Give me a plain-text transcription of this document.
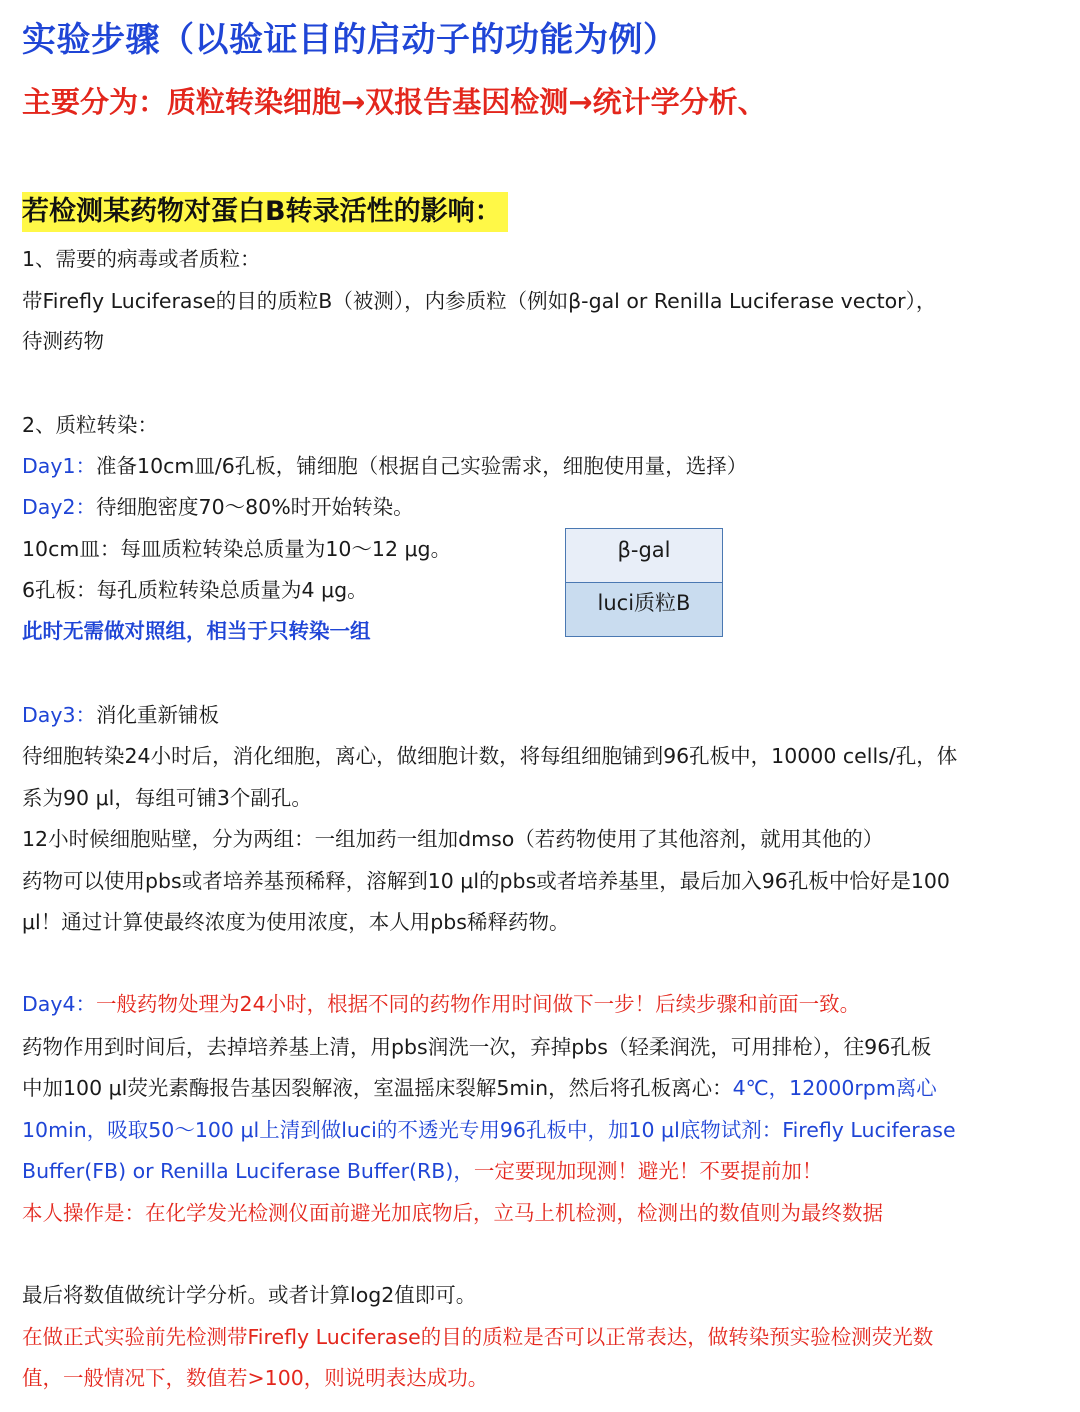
实验步骤（以验证目的启动子的功能为例）
主要分为：质粒转染细胞→双报告基因检测→统计学分析、
若检测某药物对蛋白B转录活性的影响：
1、需要的病毒或者质粒：
带Firefly Luciferase的目的质粒B（被测），内参质粒（例如β-gal or Renilla Luciferase vector），
待测药物
2、质粒转染：
Day1：准备10cm皿/6孔板，铺细胞（根据自己实验需求，细胞使用量，选择）
Day2：待细胞密度70～80%时开始转染。
10cm皿：每皿质粒转染总质量为10～12 μg。
6孔板：每孔质粒转染总质量为4 μg。
此时无需做对照组，相当于只转染一组
Day3：消化重新铺板
待细胞转染24小时后，消化细胞，离心，做细胞计数，将每组细胞铺到96孔板中，10000 cells/孔，体
系为90 μl，每组可铺3个副孔。
12小时候细胞贴壁，分为两组：一组加药一组加dmso（若药物使用了其他溶剂，就用其他的）
药物可以使用pbs或者培养基预稀释，溶解到10 μl的pbs或者培养基里，最后加入96孔板中恰好是100
μl！通过计算使最终浓度为使用浓度，本人用pbs稀释药物。
Day4：一般药物处理为24小时，根据不同的药物作用时间做下一步！后续步骤和前面一致。
药物作用到时间后，去掉培养基上清，用pbs润洗一次，弃掉pbs（轻柔润洗，可用排枪），往96孔板
中加100 μl荧光素酶报告基因裂解液，室温摇床裂解5min，然后将孔板离心：4℃，12000rpm离心
10min，吸取50～100 μl上清到做luci的不透光专用96孔板中，加10 μl底物试剂：Firefly Luciferase
Buffer(FB) or Renilla Luciferase Buffer(RB)，一定要现加现测！避光！不要提前加！
本人操作是：在化学发光检测仪面前避光加底物后，立马上机检测，检测出的数值则为最终数据
最后将数值做统计学分析。或者计算log2值即可。
在做正式实验前先检测带Firefly Luciferase的目的质粒是否可以正常表达，做转染预实验检测荧光数
值，一般情况下，数值若>100，则说明表达成功。
β-gal
luci质粒B
